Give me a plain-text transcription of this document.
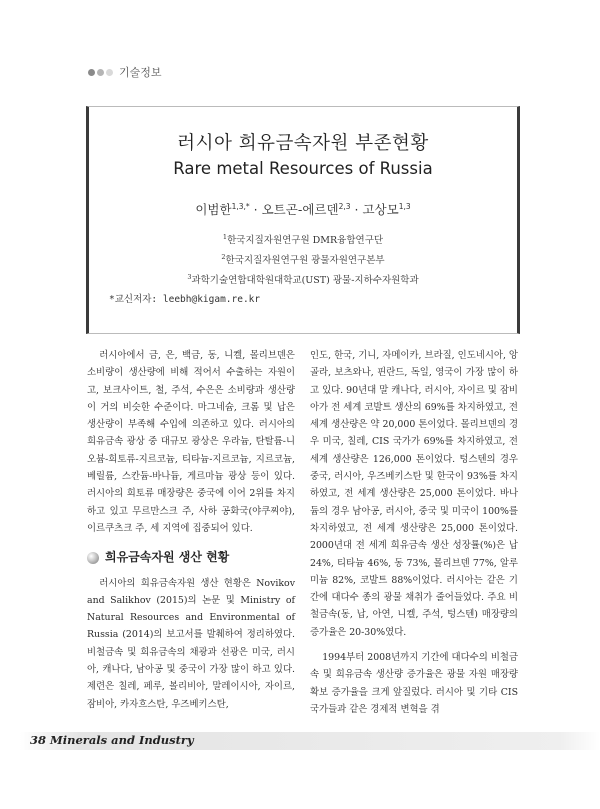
기술정보
러시아 희유금속자원 부존현황
Rare metal Resources of Russia
이범한$^{1,3,*}$ · 오트곤-에르덴$^{2,3}$ · 고상모$^{1,3}$
$^1$한국지질자원연구원 DMR융합연구단
$^2$한국지질자원연구원 광물자원연구본부
$^3$과학기술연합대학원대학교(UST) 광물-지하수자원학과
*교신저자: leebh@kigam.re.kr

러시아에서 금, 은, 백금, 동, 니켈, 몰리브덴은 소비량이 생산량에 비해 적어서 수출하는 자원이고, 보크사이트, 철, 주석, 수은은 소비량과 생산량이 거의 비슷한 수준이다. 마그네슘, 크롬 및 납은 생산량이 부족해 수입에 의존하고 있다. 러시아의 희유금속 광상 중 대규모 광상은 우라늄, 탄탈륨-니오븀-희토류-지르코늄, 티타늄-지르코늄, 지르코늄, 베릴륨, 스칸듐-바나듐, 게르마늄 광상 등이 있다. 러시아의 희토류 매장량은 중국에 이어 2위를 차지하고 있고 무르만스크 주, 사하 공화국(야쿠찌야), 이르쿠츠크 주, 세 지역에 집중되어 있다.

희유금속자원 생산 현황

러시아의 희유금속자원 생산 현황은 Novikov and Salikhov (2015)의 논문 및 Ministry of Natural Resources and Environmental of Russia (2014)의 보고서를 발췌하여 정리하였다. 비철금속 및 희유금속의 채광과 선광은 미국, 러시아, 캐나다, 남아공 및 중국이 가장 많이 하고 있다. 제련은 칠레, 페루, 볼리비아, 말레이시아, 자이르, 잠비아, 카자흐스탄, 우즈베키스탄,

인도, 한국, 기니, 자메이카, 브라질, 인도네시아, 앙골라, 보츠와나, 핀란드, 독일, 영국이 가장 많이 하고 있다. 90년대 말 캐나다, 러시아, 자이르 및 잠비아가 전 세계 코발트 생산의 69%를 차지하였고, 전 세계 생산량은 약 20,000 톤이었다. 몰리브덴의 경우 미국, 칠레, CIS 국가가 69%를 차지하였고, 전 세계 생산량은 126,000 톤이었다. 텅스텐의 경우 중국, 러시아, 우즈베키스탄 및 한국이 93%를 차지하였고, 전 세계 생산량은 25,000 톤이었다. 바나듐의 경우 남아공, 러시아, 중국 및 미국이 100%를 차지하였고, 전 세계 생산량은 25,000 톤이었다. 2000년대 전 세계 희유금속 생산 성장률(%)은 납 24%, 티타늄 46%, 동 73%, 몰리브덴 77%, 알루미늄 82%, 코발트 88%이었다. 러시아는 같은 기간에 대다수 종의 광물 채취가 줄어들었다. 주요 비철금속(동, 납, 아연, 니켈, 주석, 텅스텐) 매장량의 증가율은 20-30%였다.

1994부터 2008년까지 기간에 대다수의 비철금속 및 희유금속 생산량 증가율은 광물 자원 매장량 확보 증가율을 크게 앞질렀다. 러시아 및 기타 CIS 국가들과 같은 경제적 변혁을 겪

38 Minerals and Industry
